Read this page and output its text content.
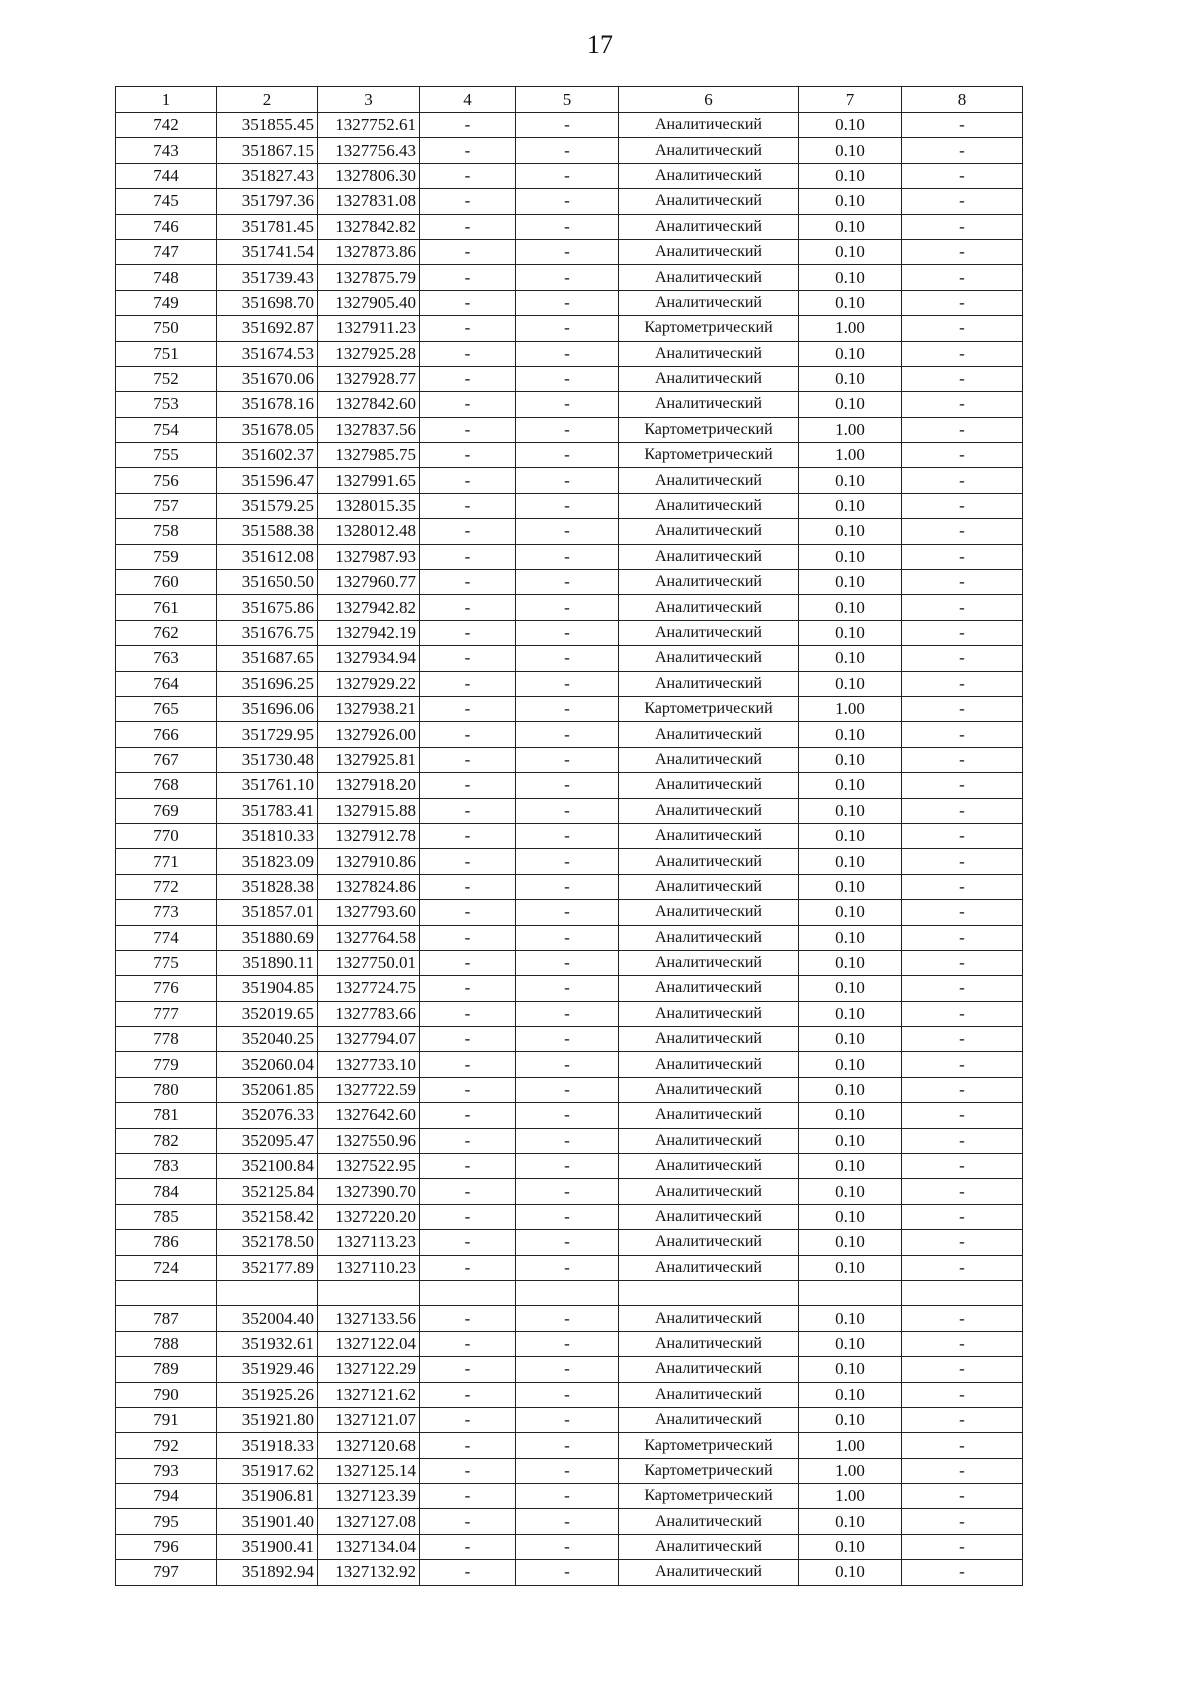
17
1	2	3	4	5	6	7	8
742	351855.45	1327752.61	-	-	Аналитический	0.10	-
743	351867.15	1327756.43	-	-	Аналитический	0.10	-
744	351827.43	1327806.30	-	-	Аналитический	0.10	-
745	351797.36	1327831.08	-	-	Аналитический	0.10	-
746	351781.45	1327842.82	-	-	Аналитический	0.10	-
747	351741.54	1327873.86	-	-	Аналитический	0.10	-
748	351739.43	1327875.79	-	-	Аналитический	0.10	-
749	351698.70	1327905.40	-	-	Аналитический	0.10	-
750	351692.87	1327911.23	-	-	Картометрический	1.00	-
751	351674.53	1327925.28	-	-	Аналитический	0.10	-
752	351670.06	1327928.77	-	-	Аналитический	0.10	-
753	351678.16	1327842.60	-	-	Аналитический	0.10	-
754	351678.05	1327837.56	-	-	Картометрический	1.00	-
755	351602.37	1327985.75	-	-	Картометрический	1.00	-
756	351596.47	1327991.65	-	-	Аналитический	0.10	-
757	351579.25	1328015.35	-	-	Аналитический	0.10	-
758	351588.38	1328012.48	-	-	Аналитический	0.10	-
759	351612.08	1327987.93	-	-	Аналитический	0.10	-
760	351650.50	1327960.77	-	-	Аналитический	0.10	-
761	351675.86	1327942.82	-	-	Аналитический	0.10	-
762	351676.75	1327942.19	-	-	Аналитический	0.10	-
763	351687.65	1327934.94	-	-	Аналитический	0.10	-
764	351696.25	1327929.22	-	-	Аналитический	0.10	-
765	351696.06	1327938.21	-	-	Картометрический	1.00	-
766	351729.95	1327926.00	-	-	Аналитический	0.10	-
767	351730.48	1327925.81	-	-	Аналитический	0.10	-
768	351761.10	1327918.20	-	-	Аналитический	0.10	-
769	351783.41	1327915.88	-	-	Аналитический	0.10	-
770	351810.33	1327912.78	-	-	Аналитический	0.10	-
771	351823.09	1327910.86	-	-	Аналитический	0.10	-
772	351828.38	1327824.86	-	-	Аналитический	0.10	-
773	351857.01	1327793.60	-	-	Аналитический	0.10	-
774	351880.69	1327764.58	-	-	Аналитический	0.10	-
775	351890.11	1327750.01	-	-	Аналитический	0.10	-
776	351904.85	1327724.75	-	-	Аналитический	0.10	-
777	352019.65	1327783.66	-	-	Аналитический	0.10	-
778	352040.25	1327794.07	-	-	Аналитический	0.10	-
779	352060.04	1327733.10	-	-	Аналитический	0.10	-
780	352061.85	1327722.59	-	-	Аналитический	0.10	-
781	352076.33	1327642.60	-	-	Аналитический	0.10	-
782	352095.47	1327550.96	-	-	Аналитический	0.10	-
783	352100.84	1327522.95	-	-	Аналитический	0.10	-
784	352125.84	1327390.70	-	-	Аналитический	0.10	-
785	352158.42	1327220.20	-	-	Аналитический	0.10	-
786	352178.50	1327113.23	-	-	Аналитический	0.10	-
724	352177.89	1327110.23	-	-	Аналитический	0.10	-

787	352004.40	1327133.56	-	-	Аналитический	0.10	-
788	351932.61	1327122.04	-	-	Аналитический	0.10	-
789	351929.46	1327122.29	-	-	Аналитический	0.10	-
790	351925.26	1327121.62	-	-	Аналитический	0.10	-
791	351921.80	1327121.07	-	-	Аналитический	0.10	-
792	351918.33	1327120.68	-	-	Картометрический	1.00	-
793	351917.62	1327125.14	-	-	Картометрический	1.00	-
794	351906.81	1327123.39	-	-	Картометрический	1.00	-
795	351901.40	1327127.08	-	-	Аналитический	0.10	-
796	351900.41	1327134.04	-	-	Аналитический	0.10	-
797	351892.94	1327132.92	-	-	Аналитический	0.10	-
